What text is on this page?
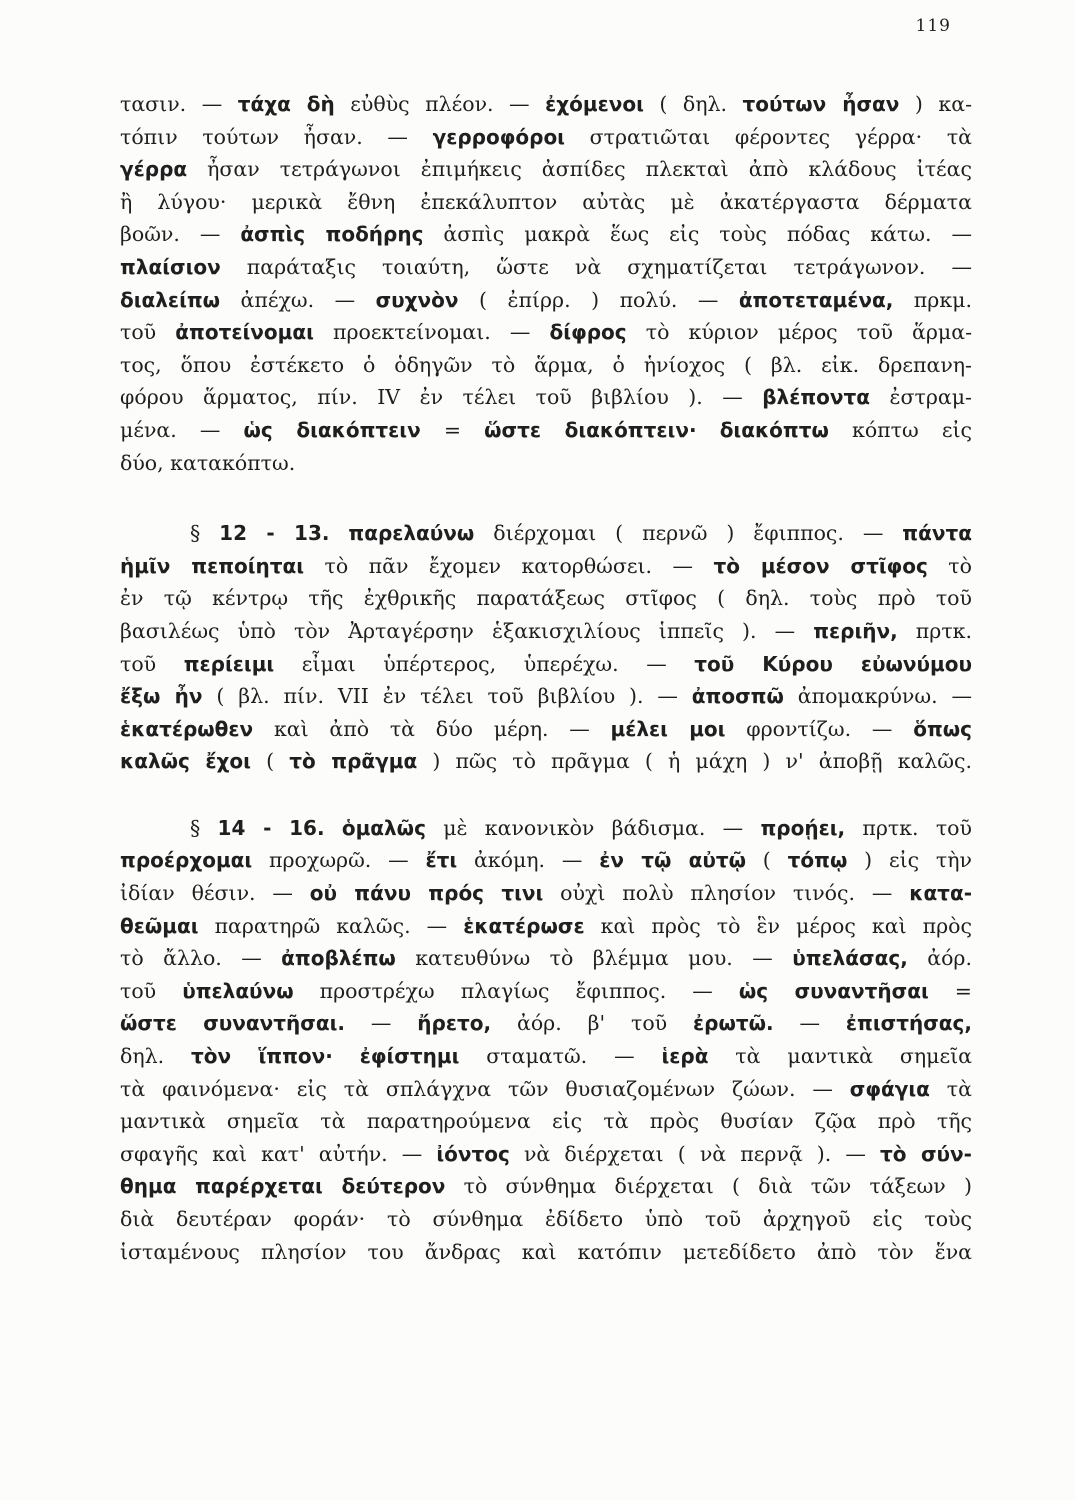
119
τασιν. — τάχα δὴ εὐθὺς πλέον. — ἐχόμενοι ( δηλ. τούτων ἦσαν ) κα-
τόπιν τούτων ἦσαν. — γερροφόροι στρατιῶται φέροντες γέρρα· τὰ
γέρρα ἦσαν τετράγωνοι ἐπιμήκεις ἀσπίδες πλεκταὶ ἀπὸ κλάδους ἰτέας
ἢ λύγου· μερικὰ ἔθνη ἐπεκάλυπτον αὐτὰς μὲ ἀκατέργαστα δέρματα
βοῶν. — ἀσπὶς ποδήρης ἀσπὶς μακρὰ ἕως εἰς τοὺς πόδας κάτω. —
πλαίσιον παράταξις τοιαύτη, ὥστε νὰ σχηματίζεται τετράγωνον. —
διαλείπω ἀπέχω. — συχνὸν ( ἐπίρρ. ) πολύ. — ἀποτεταμένα, πρκμ.
τοῦ ἀποτείνομαι προεκτείνομαι. — δίφρος τὸ κύριον μέρος τοῦ ἅρμα-
τος, ὅπου ἐστέκετο ὁ ὁδηγῶν τὸ ἅρμα, ὁ ἡνίοχος ( βλ. εἰκ. δρεπανη-
φόρου ἅρματος, πίν. IV ἐν τέλει τοῦ βιβλίου ). — βλέποντα ἐστραμ-
μένα. — ὡς διακόπτειν = ὥστε διακόπτειν· διακόπτω κόπτω εἰς
δύο, κατακόπτω.
§ 12 - 13. παρελαύνω διέρχομαι ( περνῶ ) ἔφιππος. — πάντα
ἡμῖν πεποίηται τὸ πᾶν ἔχομεν κατορθώσει. — τὸ μέσον στῖφος τὸ
ἐν τῷ κέντρῳ τῆς ἐχθρικῆς παρατάξεως στῖφος ( δηλ. τοὺς πρὸ τοῦ
βασιλέως ὑπὸ τὸν Ἀρταγέρσην ἑξακισχιλίους ἱππεῖς ). — περιῆν, πρτκ.
τοῦ περίειμι εἶμαι ὑπέρτερος, ὑπερέχω. — τοῦ Κύρου εὐωνύμου
ἔξω ἦν ( βλ. πίν. VII ἐν τέλει τοῦ βιβλίου ). — ἀποσπῶ ἀπομακρύνω. —
ἑκατέρωθεν καὶ ἀπὸ τὰ δύο μέρη. — μέλει μοι φροντίζω. — ὅπως
καλῶς ἔχοι ( τὸ πρᾶγμα ) πῶς τὸ πρᾶγμα ( ἡ μάχη ) ν' ἀποβῇ καλῶς.
§ 14 - 16. ὁμαλῶς μὲ κανονικὸν βάδισμα. — προῄει, πρτκ. τοῦ
προέρχομαι προχωρῶ. — ἔτι ἀκόμη. — ἐν τῷ αὐτῷ ( τόπῳ ) εἰς τὴν
ἰδίαν θέσιν. — οὐ πάνυ πρός τινι οὐχὶ πολὺ πλησίον τινός. — κατα-
θεῶμαι παρατηρῶ καλῶς. — ἑκατέρωσε καὶ πρὸς τὸ ἓν μέρος καὶ πρὸς
τὸ ἄλλο. — ἀποβλέπω κατευθύνω τὸ βλέμμα μου. — ὑπελάσας, ἀόρ.
τοῦ ὑπελαύνω προστρέχω πλαγίως ἔφιππος. — ὡς συναντῆσαι =
ὥστε συναντῆσαι. — ἤρετο, ἀόρ. β' τοῦ ἐρωτῶ. — ἐπιστήσας,
δηλ. τὸν ἵππον· ἐφίστημι σταματῶ. — ἱερὰ τὰ μαντικὰ σημεῖα
τὰ φαινόμενα· εἰς τὰ σπλάγχνα τῶν θυσιαζομένων ζώων. — σφάγια τὰ
μαντικὰ σημεῖα τὰ παρατηρούμενα εἰς τὰ πρὸς θυσίαν ζῷα πρὸ τῆς
σφαγῆς καὶ κατ' αὐτήν. — ἰόντος νὰ διέρχεται ( νὰ περνᾷ ). — τὸ σύν-
θημα παρέρχεται δεύτερον τὸ σύνθημα διέρχεται ( διὰ τῶν τάξεων )
διὰ δευτέραν φοράν· τὸ σύνθημα ἐδίδετο ὑπὸ τοῦ ἀρχηγοῦ εἰς τοὺς
ἱσταμένους πλησίον του ἄνδρας καὶ κατόπιν μετεδίδετο ἀπὸ τὸν ἕνα
